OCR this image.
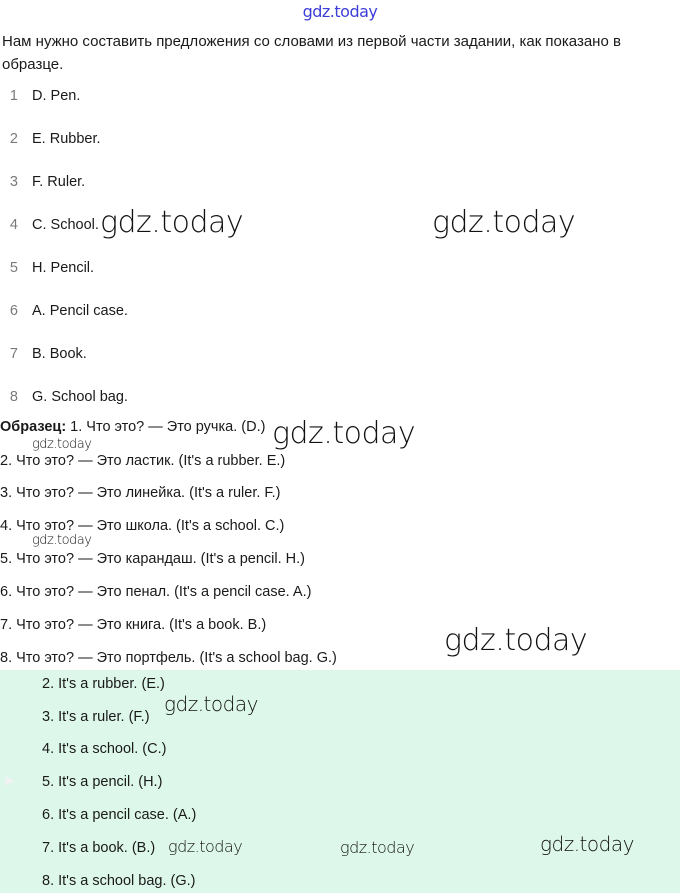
gdz.today
Нам нужно составить предложения со словами из первой части задании, как показано в образце.
1 D. Pen.
2 E. Rubber.
3 F. Ruler.
4 C. School.
5 H. Pencil.
6 A. Pencil case.
7 B. Book.
8 G. School bag.
Образец: 1. Что это? — Это ручка. (D.)
2. Что это? — Это ластик. (It's a rubber. E.)
3. Что это? — Это линейка. (It's a ruler. F.)
4. Что это? — Это школа. (It's a school. C.)
5. Что это? — Это карандаш. (It's a pencil. H.)
6. Что это? — Это пенал. (It's a pencil case. A.)
7. Что это? — Это книга. (It's a book. B.)
8. Что это? — Это портфель. (It's a school bag. G.)
▶
2. It's a rubber. (E.)
3. It's a ruler. (F.)
4. It's a school. (C.)
5. It's a pencil. (H.)
6. It's a pencil case. (A.)
7. It's a book. (B.)
8. It's a school bag. (G.)
gdz.today	gdz.today
gdz.today
gdz.today
gdz.today
gdz.today
gdz.today
gdz.today	gdz.today	gdz.today
